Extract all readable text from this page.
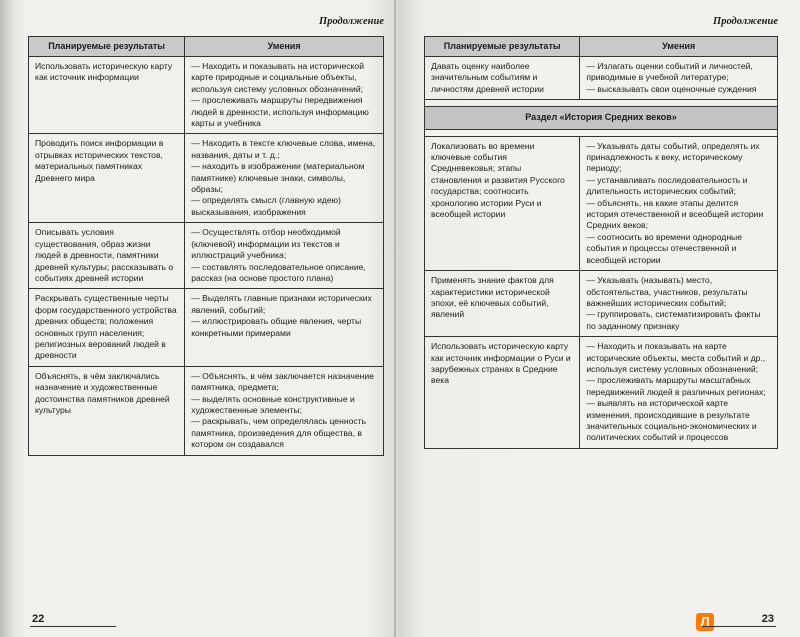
Продолжение
Планируемые результаты	Умения
Использовать историческую карту как источник информации	— Находить и показывать на исторической карте природные и социальные объекты, используя систему условных обозначений;
— прослеживать маршруты передвижения людей в древности, используя информацию карты и учебника

Проводить поиск информации в отрывках исторических текстов, материальных памятниках Древнего мира	— Находить в тексте ключевые слова, имена, названия, даты и т. д.;
— находить в изображении (материальном памятнике) ключевые знаки, символы, образы;
— определять смысл (главную идею) высказывания, изображения

Описывать условия существования, образ жизни людей в древности, памятники древней культуры; рассказывать о событиях древней истории	— Осуществлять отбор необходимой (ключевой) информации из текстов и иллюстраций учебника;
— составлять последовательное описание, рассказ (на основе простого плана)

Раскрывать существенные черты форм государственного устройства древних обществ; положения основных групп населения; религиозных верований людей в древности	— Выделять главные признаки исторических явлений, событий;
— иллюстрировать общие явления, черты конкретными примерами

Объяснять, в чём заключались назначение и художественные достоинства памятников древней культуры	— Объяснять, в чём заключается назначение памятника, предмета;
— выделять основные конструктивные и художественные элементы;
— раскрывать, чем определялась ценность памятника, произведения для общества, в котором он создавался
22
Продолжение
Планируемые результаты	Умения
Давать оценку наиболее значительным событиям и личностям древней истории	— Излагать оценки событий и личностей, приводимые в учебной литературе;
— высказывать свои оценочные суждения

Раздел «История Средних веков»	

Локализовать во времени ключевые события Средневековья; этапы становления и развития Русского государства; соотносить хронологию истории Руси и всеобщей истории	— Указывать даты событий, определять их принадлежность к веку, историческому периоду;
— устанавливать последовательность и длительность исторических событий;
— объяснять, на какие этапы делится история отечественной и всеобщей истории Средних веков;
— соотносить во времени однородные события и процессы отечественной и всеобщей истории

Применять знание фактов для характеристики исторической эпохи, её ключевых событий, явлений	— Указывать (называть) место, обстоятельства, участников, результаты важнейших исторических событий;
— группировать, систематизировать факты по заданному признаку

Использовать историческую карту как источник информации о Руси и зарубежных странах в Средние века	— Находить и показывать на карте исторические объекты, места событий и др., используя систему условных обозначений;
— прослеживать маршруты масштабных передвижений людей в различных регионах;
— выявлять на исторической карте изменения, происходившие в результате значительных социально-экономических и политических событий и процессов
Л	23
